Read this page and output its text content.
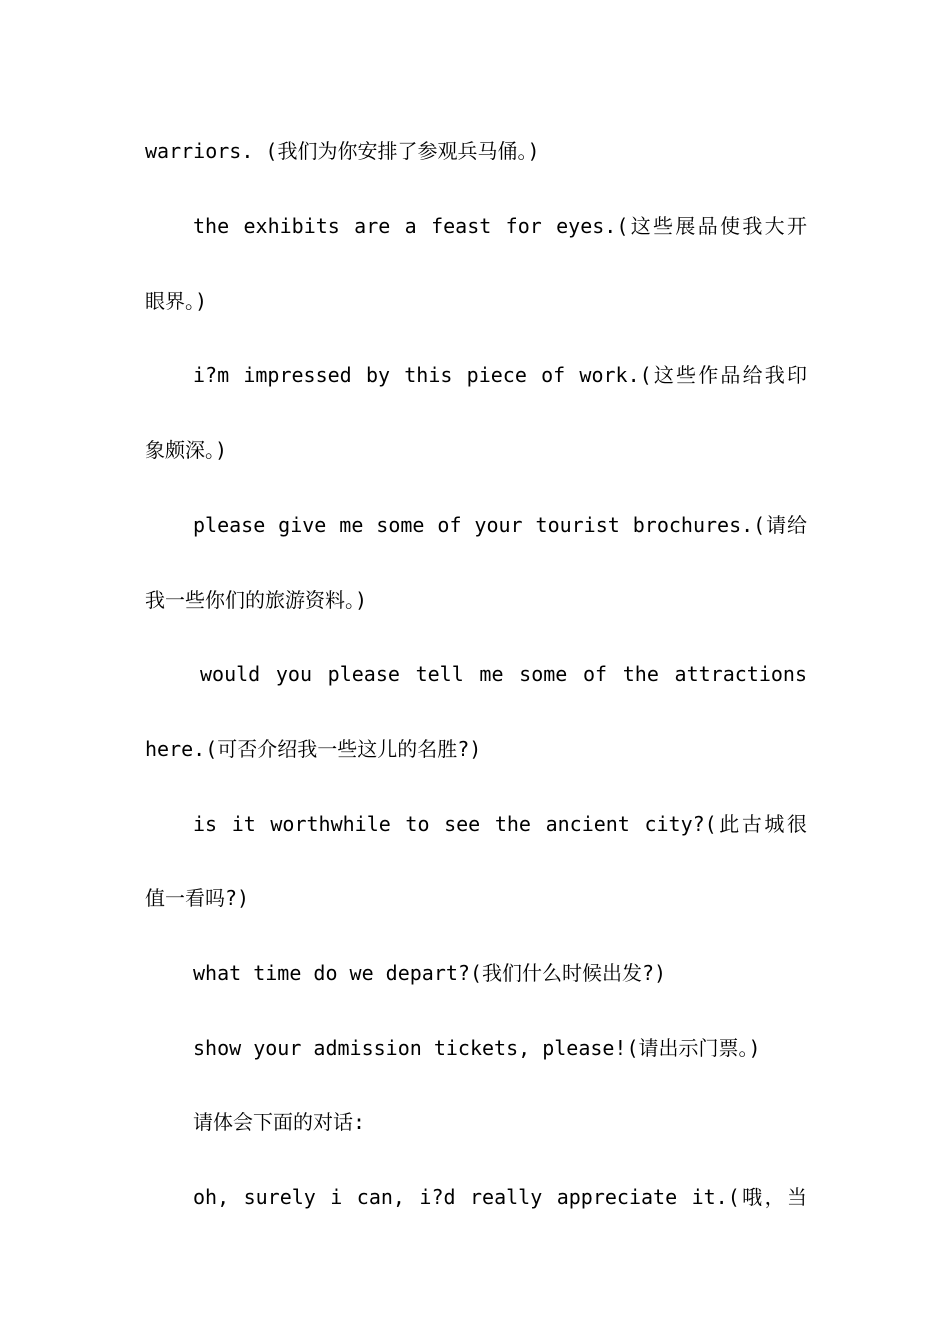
warriors. (我们为你安排了参观兵马俑。)
the exhibits are a feast for eyes.(这些展品使我大开
眼界。)
i?m impressed by this piece of work.(这些作品给我印
象颇深。)
please give me some of your tourist brochures.(请给
我一些你们的旅游资料。)
would you please tell me some of the attractions
here.(可否介绍我一些这儿的名胜?)
is it worthwhile to see the ancient city?(此古城很
值一看吗?)
what time do we depart?(我们什么时候出发?)
show your admission tickets, please!(请出示门票。)
请体会下面的对话:
oh, surely i can, i?d really appreciate it.(哦，当
